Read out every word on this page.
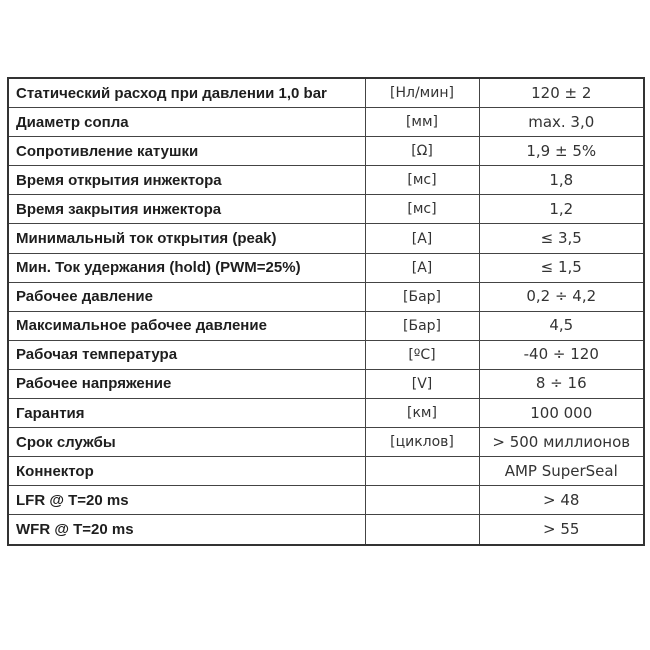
Статический расход при давлении 1,0 bar	[Нл/мин]	120 ± 2
Диаметр сопла	[мм]	max. 3,0
Сопротивление катушки	[Ω]	1,9 ± 5%
Время открытия инжектора	[мс]	1,8
Время закрытия инжектора	[мс]	1,2
Минимальный ток открытия (peak)	[A]	≤ 3,5
Мин. Ток удержания (hold) (PWM=25%)	[A]	≤ 1,5
Рабочее давление	[Бар]	0,2 ÷ 4,2
Максимальное рабочее давление	[Бар]	4,5
Рабочая температура	[ºC]	-40 ÷ 120
Рабочее напряжение	[V]	8 ÷ 16
Гарантия	[км]	100 000
Срок службы	[циклов]	> 500 миллионов
Коннектор		AMP SuperSeal
LFR @ T=20 ms		> 48
WFR @ T=20 ms		> 55
